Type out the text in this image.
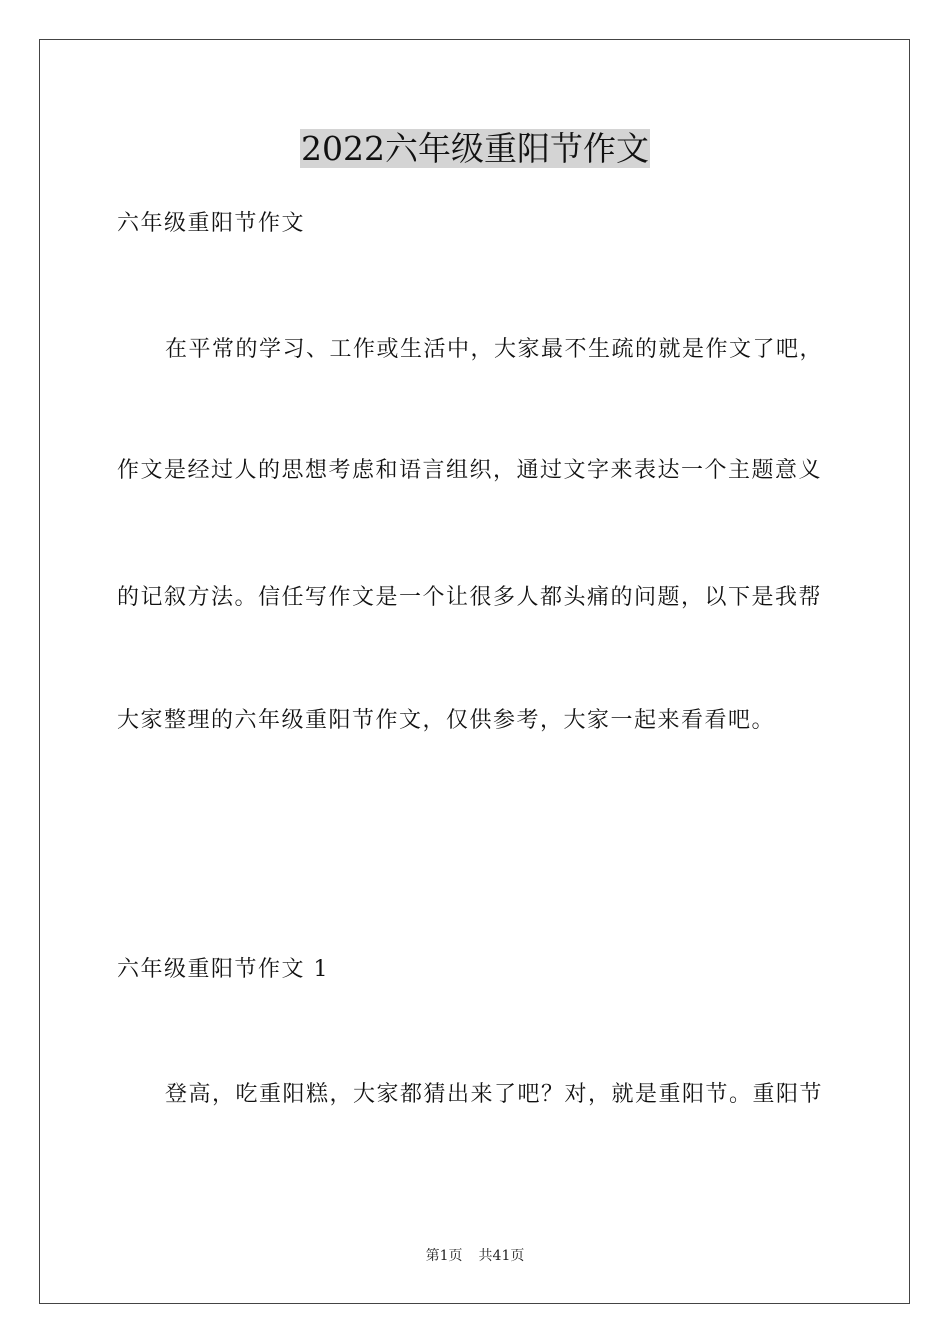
2022六年级重阳节作文
六年级重阳节作文
在平常的学习、工作或生活中，大家最不生疏的就是作文了吧，
作文是经过人的思想考虑和语言组织，通过文字来表达一个主题意义
的记叙方法。信任写作文是一个让很多人都头痛的问题，以下是我帮
大家整理的六年级重阳节作文，仅供参考，大家一起来看看吧。
六年级重阳节作文 1
登高，吃重阳糕，大家都猜出来了吧？对，就是重阳节。重阳节
第1页 共41页
